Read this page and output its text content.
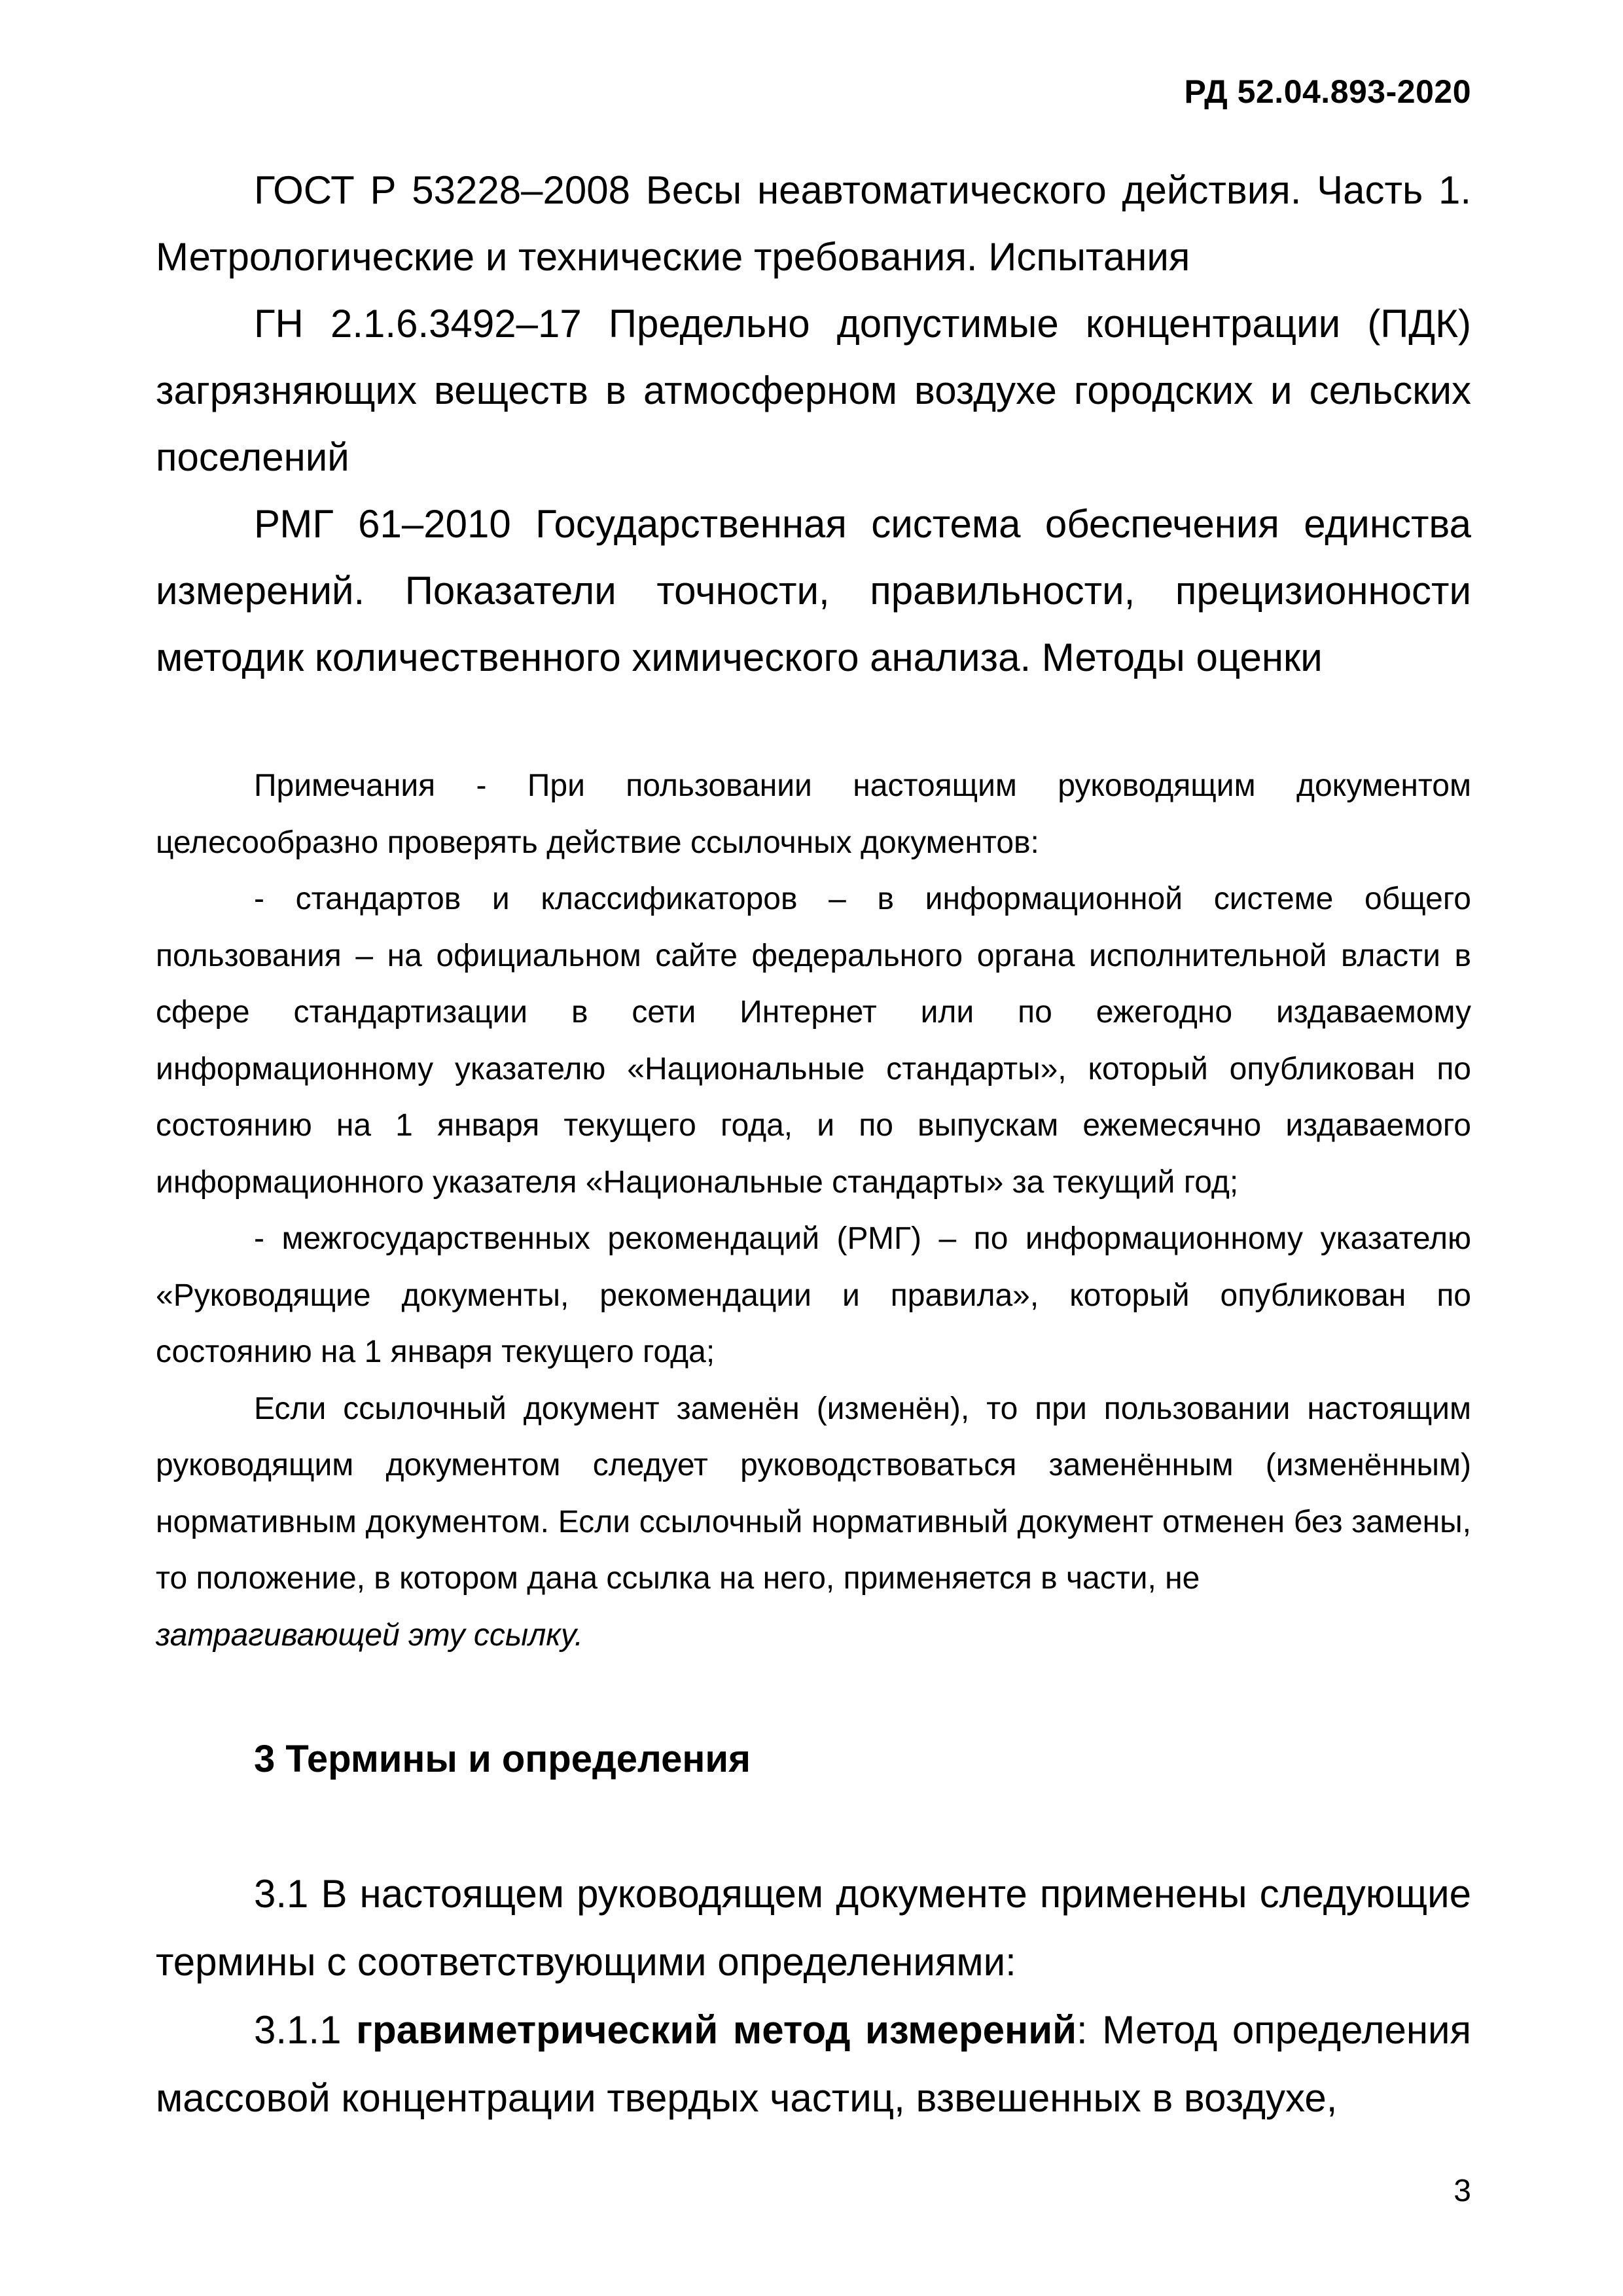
РД 52.04.893-2020

ГОСТ Р 53228–2008 Весы неавтоматического действия. Часть 1. Метрологические и технические требования. Испытания

ГН 2.1.6.3492–17 Предельно допустимые концентрации (ПДК) загрязняющих веществ в атмосферном воздухе городских и сельских поселений

РМГ 61–2010 Государственная система обеспечения единства измерений. Показатели точности, правильности, прецизионности методик количественного химического анализа. Методы оценки

Примечания - При пользовании настоящим руководящим документом целесообразно проверять действие ссылочных документов:

- стандартов и классификаторов – в информационной системе общего пользования – на официальном сайте федерального органа исполнительной власти в сфере стандартизации в сети Интернет или по ежегодно издаваемому информационному указателю «Национальные стандарты», который опубликован по состоянию на 1 января текущего года, и по выпускам ежемесячно издаваемого информационного указателя «Национальные стандарты» за текущий год;

- межгосударственных рекомендаций (РМГ) – по информационному указателю «Руководящие документы, рекомендации и правила», который опубликован по состоянию на 1 января текущего года;

Если ссылочный документ заменён (изменён), то при пользовании настоящим руководящим документом следует руководствоваться заменённым (изменённым) нормативным документом. Если ссылочный нормативный документ отменен без замены, то положение, в котором дана ссылка на него, применяется в части, не

затрагивающей эту ссылку.

3 Термины и определения

3.1 В настоящем руководящем документе применены следующие термины с соответствующими определениями:

3.1.1 гравиметрический метод измерений: Метод определения массовой концентрации твердых частиц, взвешенных в воздухе,

3
